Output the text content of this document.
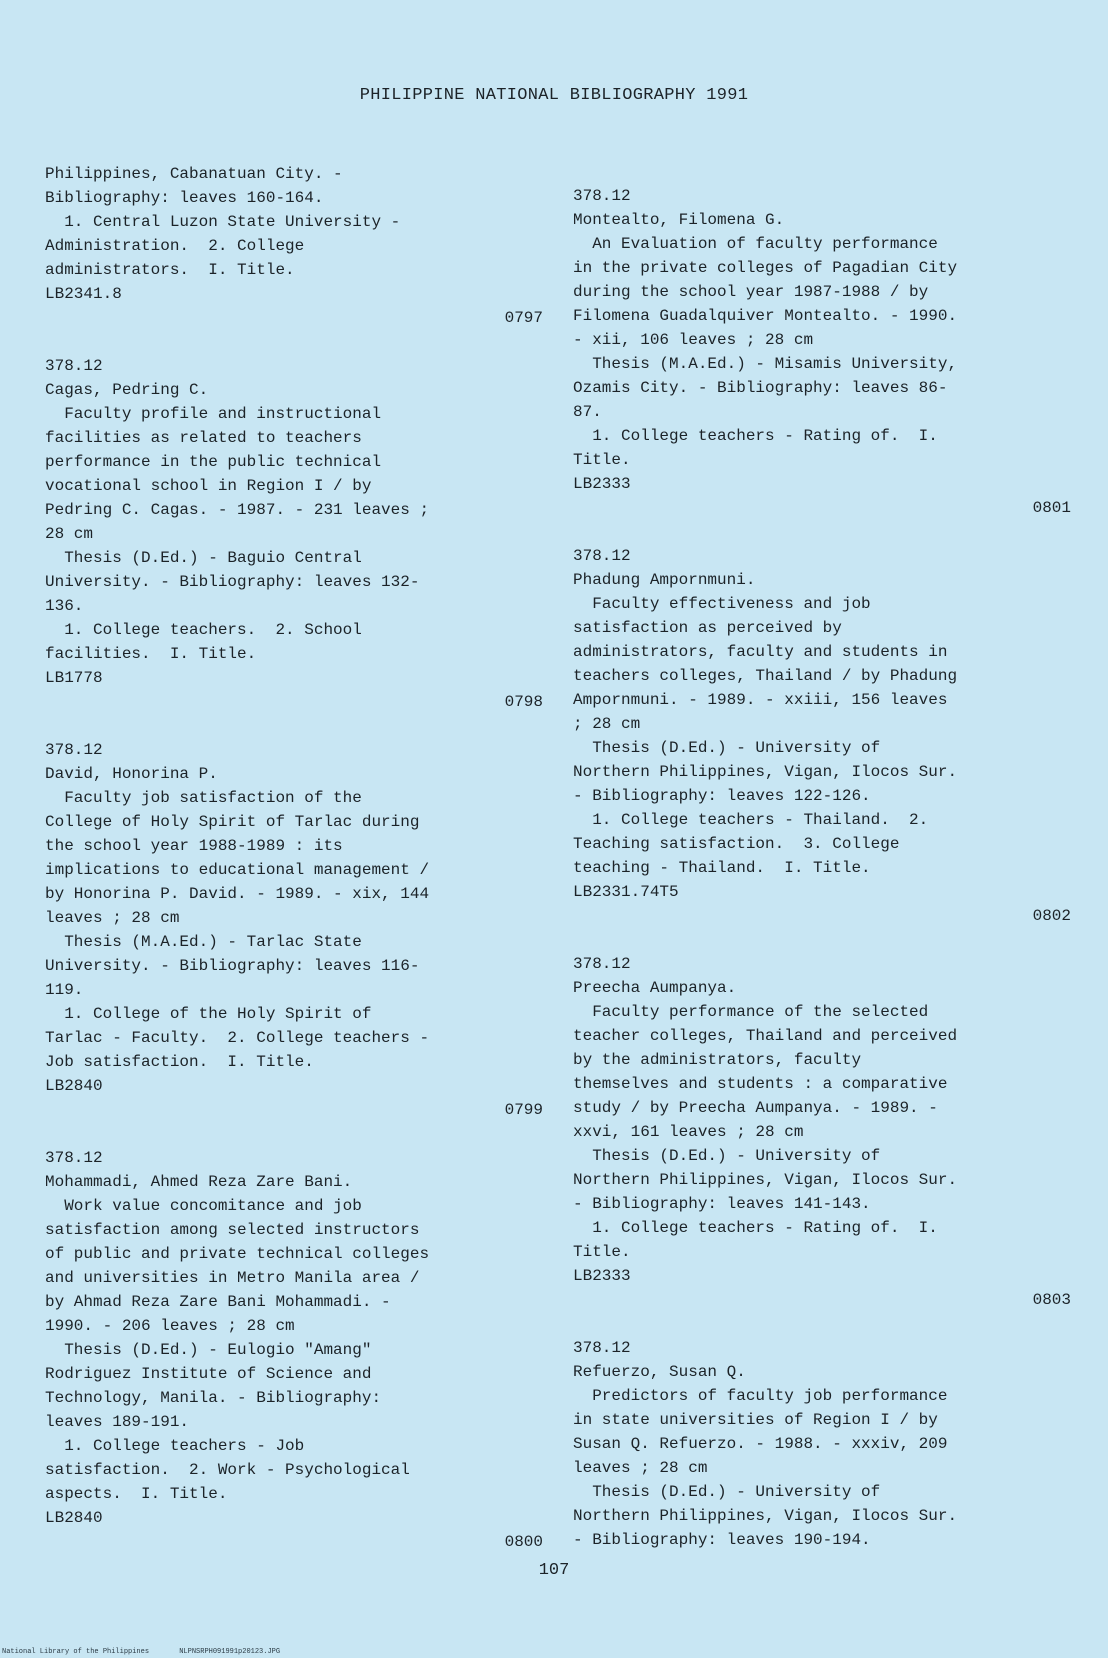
PHILIPPINE NATIONAL BIBLIOGRAPHY 1991
Philippines, Cabanatuan City. -
Bibliography: leaves 160-164.
1. Central Luzon State University -
Administration.  2. College
administrators.  I. Title.
LB2341.8
0797
378.12
Cagas, Pedring C.
Faculty profile and instructional
facilities as related to teachers
performance in the public technical
vocational school in Region I / by
Pedring C. Cagas. - 1987. - 231 leaves ;
28 cm
Thesis (D.Ed.) - Baguio Central
University. - Bibliography: leaves 132-
136.
1. College teachers.  2. School
facilities.  I. Title.
LB1778
0798
378.12
David, Honorina P.
Faculty job satisfaction of the
College of Holy Spirit of Tarlac during
the school year 1988-1989 : its
implications to educational management /
by Honorina P. David. - 1989. - xix, 144
leaves ; 28 cm
Thesis (M.A.Ed.) - Tarlac State
University. - Bibliography: leaves 116-
119.
1. College of the Holy Spirit of
Tarlac - Faculty.  2. College teachers -
Job satisfaction.  I. Title.
LB2840
0799
378.12
Mohammadi, Ahmed Reza Zare Bani.
Work value concomitance and job
satisfaction among selected instructors
of public and private technical colleges
and universities in Metro Manila area /
by Ahmad Reza Zare Bani Mohammadi. -
1990. - 206 leaves ; 28 cm
Thesis (D.Ed.) - Eulogio "Amang"
Rodriguez Institute of Science and
Technology, Manila. - Bibliography:
leaves 189-191.
1. College teachers - Job
satisfaction.  2. Work - Psychological
aspects.  I. Title.
LB2840
0800
378.12
Montealto, Filomena G.
An Evaluation of faculty performance
in the private colleges of Pagadian City
during the school year 1987-1988 / by
Filomena Guadalquiver Montealto. - 1990.
- xii, 106 leaves ; 28 cm
Thesis (M.A.Ed.) - Misamis University,
Ozamis City. - Bibliography: leaves 86-
87.
1. College teachers - Rating of.  I.
Title.
LB2333
0801
378.12
Phadung Ampornmuni.
Faculty effectiveness and job
satisfaction as perceived by
administrators, faculty and students in
teachers colleges, Thailand / by Phadung
Ampornmuni. - 1989. - xxiii, 156 leaves
; 28 cm
Thesis (D.Ed.) - University of
Northern Philippines, Vigan, Ilocos Sur.
- Bibliography: leaves 122-126.
1. College teachers - Thailand.  2.
Teaching satisfaction.  3. College
teaching - Thailand.  I. Title.
LB2331.74T5
0802
378.12
Preecha Aumpanya.
Faculty performance of the selected
teacher colleges, Thailand and perceived
by the administrators, faculty
themselves and students : a comparative
study / by Preecha Aumpanya. - 1989. -
xxvi, 161 leaves ; 28 cm
Thesis (D.Ed.) - University of
Northern Philippines, Vigan, Ilocos Sur.
- Bibliography: leaves 141-143.
1. College teachers - Rating of.  I.
Title.
LB2333
0803
378.12
Refuerzo, Susan Q.
Predictors of faculty job performance
in state universities of Region I / by
Susan Q. Refuerzo. - 1988. - xxxiv, 209
leaves ; 28 cm
Thesis (D.Ed.) - University of
Northern Philippines, Vigan, Ilocos Sur.
- Bibliography: leaves 190-194.
107
National Library of the Philippines	NLPNSRPH091991p20123.JPG
